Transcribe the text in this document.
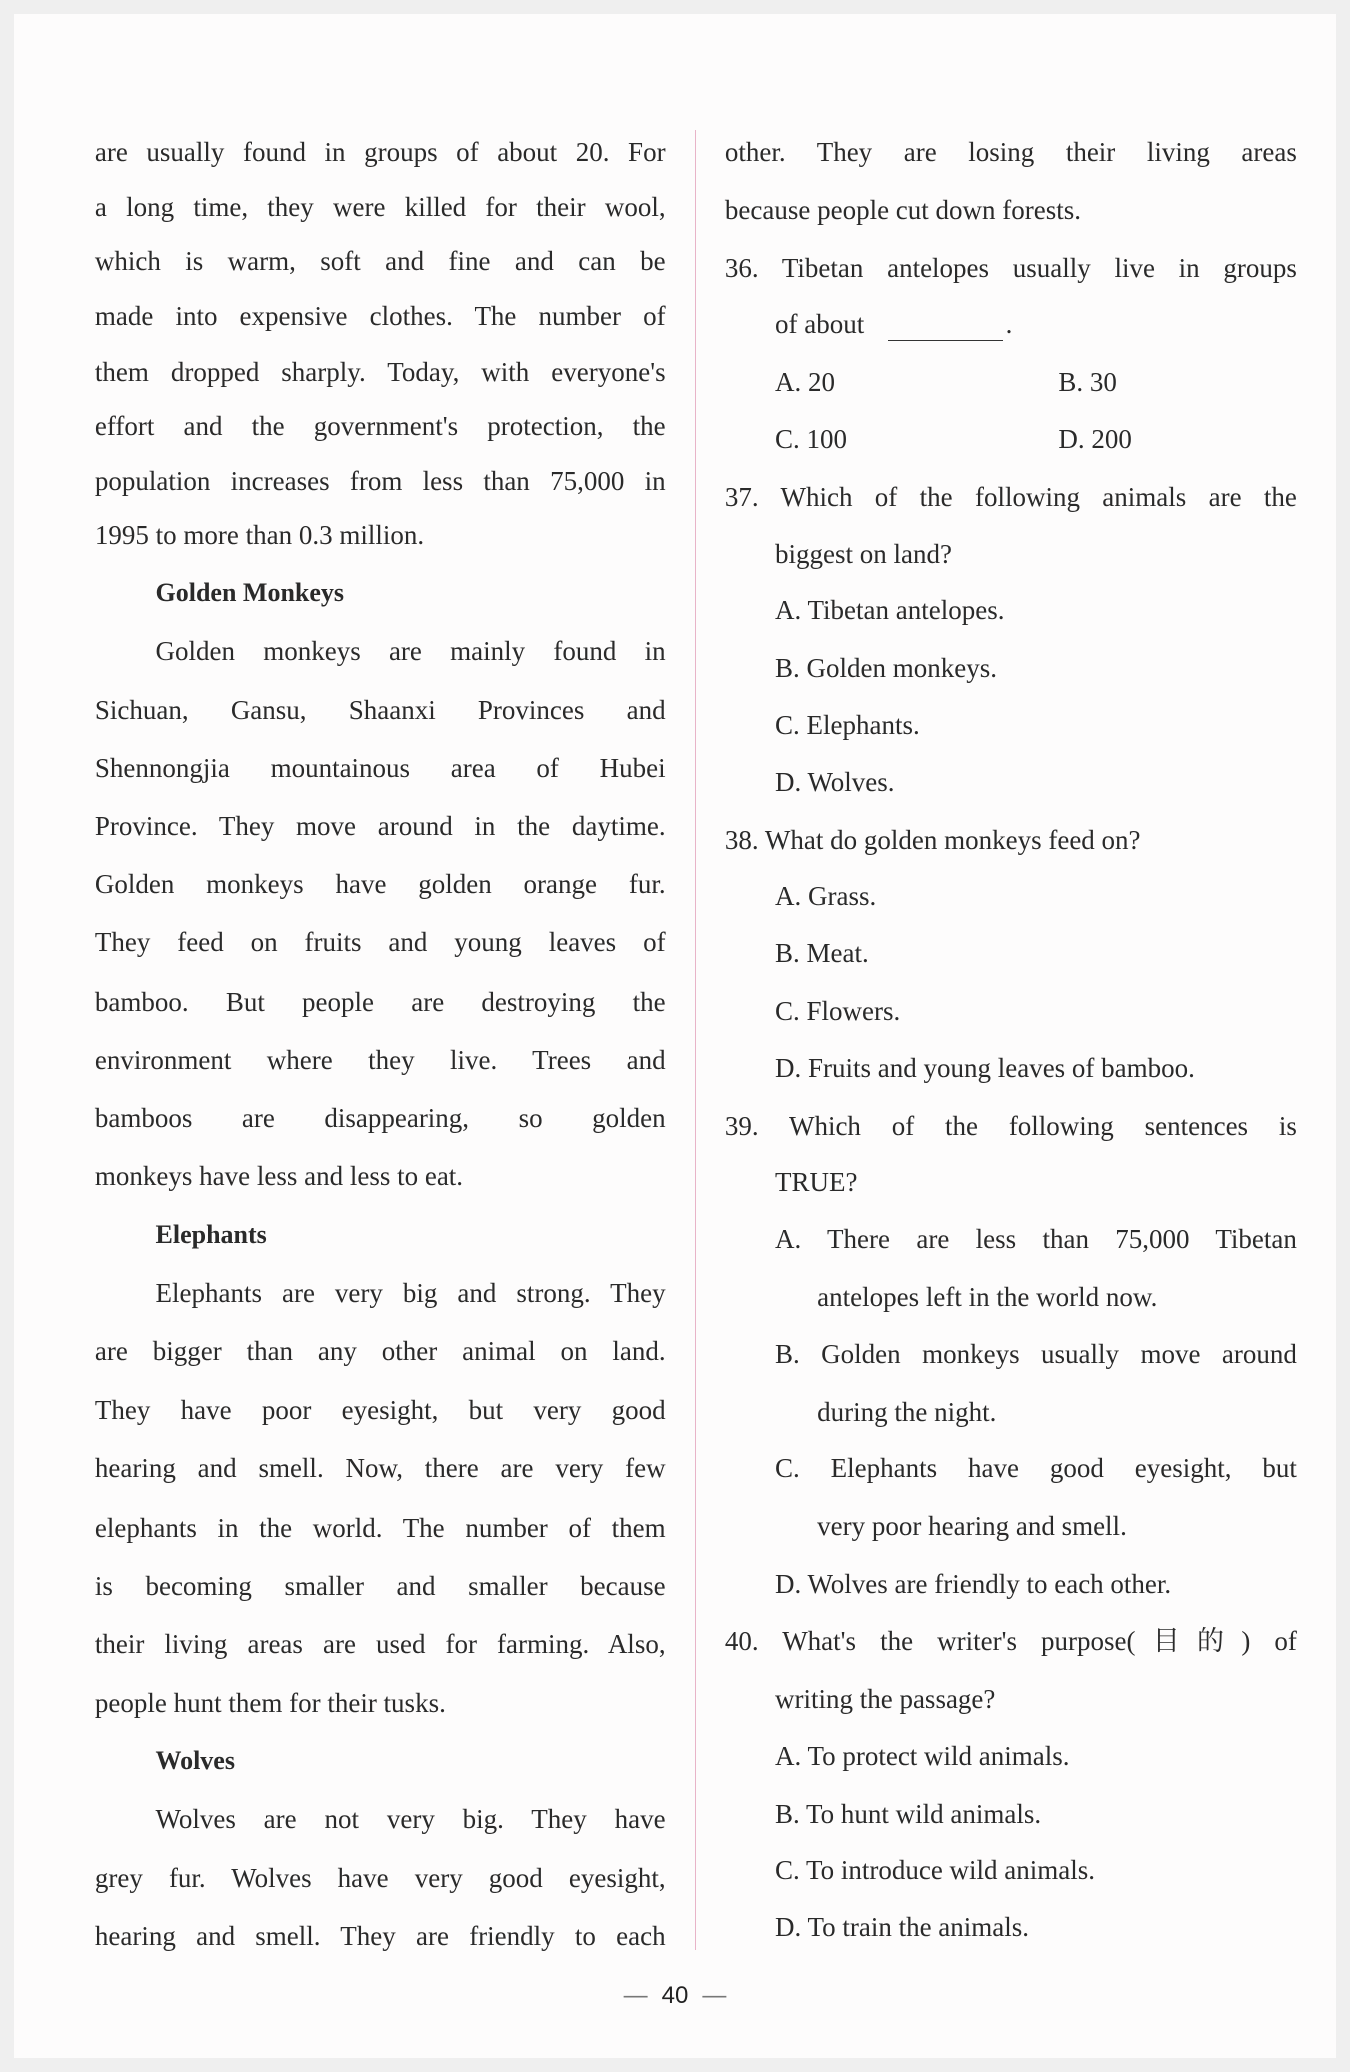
— 40 —
are usually found in groups of about 20. For
a long time, they were killed for their wool,
which is warm, soft and fine and can be
made into expensive clothes. The number of
them dropped sharply. Today, with everyone's
effort and the government's protection, the
population increases from less than 75,000 in
1995 to more than 0.3 million.
Golden Monkeys
Golden monkeys are mainly found in
Sichuan, Gansu, Shaanxi Provinces and
Shennongjia mountainous area of Hubei
Province. They move around in the daytime.
Golden monkeys have golden orange fur.
They feed on fruits and young leaves of
bamboo. But people are destroying the
environment where they live. Trees and
bamboos are disappearing, so golden
monkeys have less and less to eat.
Elephants
Elephants are very big and strong. They
are bigger than any other animal on land.
They have poor eyesight, but very good
hearing and smell. Now, there are very few
elephants in the world. The number of them
is becoming smaller and smaller because
their living areas are used for farming. Also,
people hunt them for their tusks.
Wolves
Wolves are not very big. They have
grey fur. Wolves have very good eyesight,
hearing and smell. They are friendly to each
other. They are losing their living areas
because people cut down forests.
36. Tibetan antelopes usually live in groups
of about	.
A. 20	B. 30
C. 100	D. 200
37. Which of the following animals are the
biggest on land?
A. Tibetan antelopes.
B. Golden monkeys.
C. Elephants.
D. Wolves.
38. What do golden monkeys feed on?
A. Grass.
B. Meat.
C. Flowers.
D. Fruits and young leaves of bamboo.
39. Which of the following sentences is
TRUE?
A. There are less than 75,000 Tibetan
antelopes left in the world now.
B. Golden monkeys usually move around
during the night.
C. Elephants have good eyesight, but
very poor hearing and smell.
D. Wolves are friendly to each other.
40. What's the writer's purpose(目的) of
writing the passage?
A. To protect wild animals.
B. To hunt wild animals.
C. To introduce wild animals.
D. To train the animals.
